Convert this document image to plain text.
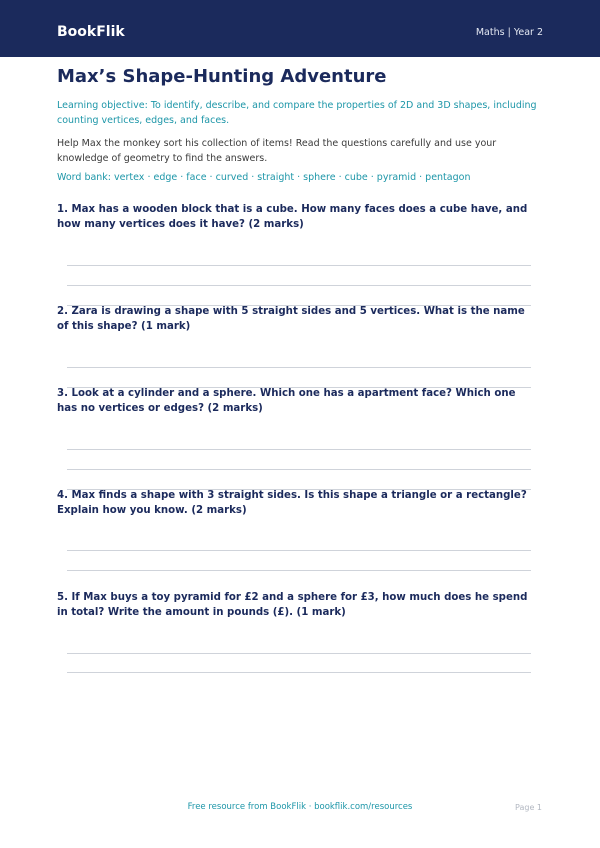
BookFlik	Maths | Year 2
Max’s Shape-Hunting Adventure

Learning objective: To identify, describe, and compare the properties of 2D and 3D shapes, including counting vertices, edges, and faces.

Help Max the monkey sort his collection of items! Read the questions carefully and use your knowledge of geometry to find the answers.

Word bank: vertex · edge · face · curved · straight · sphere · cube · pyramid · pentagon

1. Max has a wooden block that is a cube. How many faces does a cube have, and how many vertices does it have? (2 marks)
2. Zara is drawing a shape with 5 straight sides and 5 vertices. What is the name of this shape? (1 mark)
3. Look at a cylinder and a sphere. Which one has a apartment face? Which one has no vertices or edges? (2 marks)
4. Max finds a shape with 3 straight sides. Is this shape a triangle or a rectangle? Explain how you know. (2 marks)
5. If Max buys a toy pyramid for £2 and a sphere for £3, how much does he spend in total? Write the amount in pounds (£). (1 mark)
Free resource from BookFlik · bookflik.com/resources	Page 1
